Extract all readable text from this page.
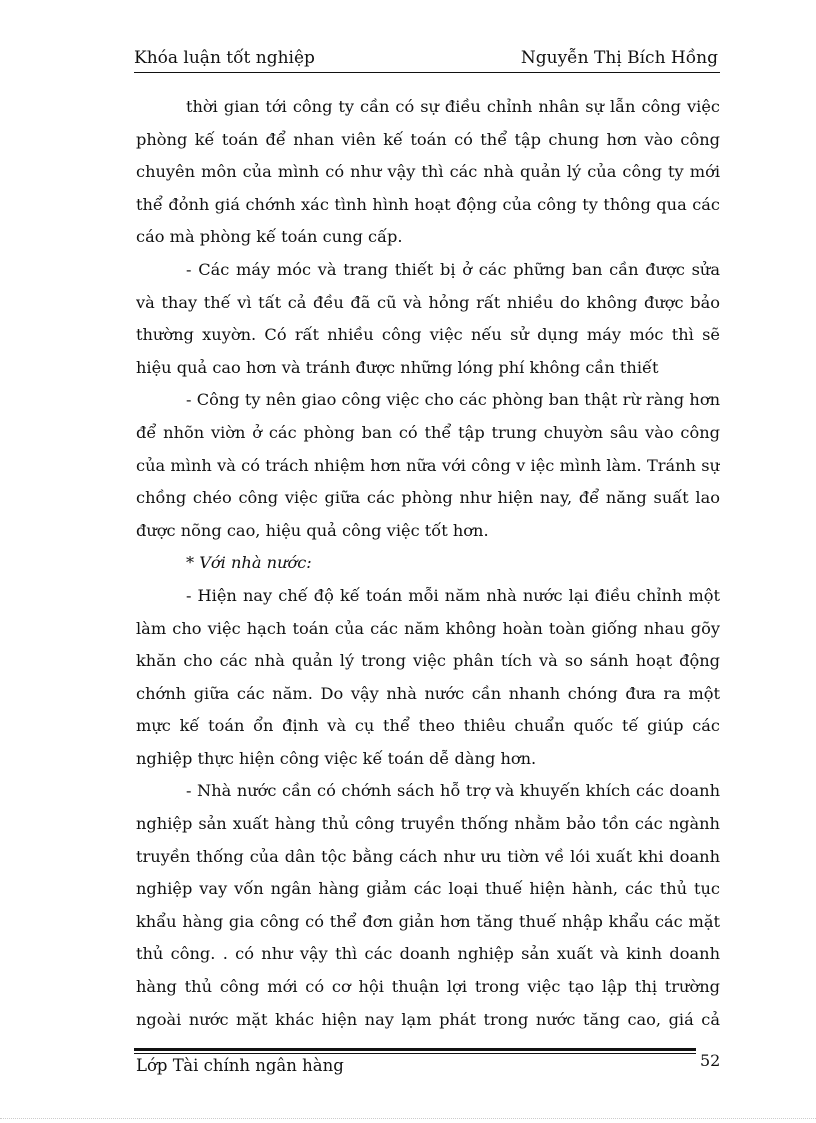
Khóa luận tốt nghiệp	Nguyễn Thị Bích Hồng
thời gian tới công ty cần có sự điều chỉnh nhân sự lẫn công việc
phòng kế toán để nhan viên kế toán có thể tập chung hơn vào công
chuyên môn của mình có như vậy thì các nhà quản lý của công ty mới
thể đỏnh giá chớnh xác tình hình hoạt động của công ty thông qua các
cáo mà phòng kế toán cung cấp.
- Các máy móc và trang thiết bị ở các phững ban cần được sửa
và thay thế vì tất cả đều đã cũ và hỏng rất nhiều do không được bảo
thường xuyờn. Có rất nhiều công việc nếu sử dụng máy móc thì sẽ
hiệu quả cao hơn và tránh được những lóng phí không cần thiết
- Công ty nên giao công việc cho các phòng ban thật rừ ràng hơn
để nhõn viờn ở các phòng ban có thể tập trung chuyờn sâu vào công
của mình và có trách nhiệm hơn nữa với công v iệc mình làm. Tránh sự
chồng chéo công việc giữa các phòng như hiện nay, để năng suất lao
được nõng cao, hiệu quả công việc tốt hơn.
* Với nhà nước:
- Hiện nay chế độ kế toán mỗi năm nhà nước lại điều chỉnh một
làm cho việc hạch toán của các năm không hoàn toàn giống nhau gõy
khăn cho các nhà quản lý trong việc phân tích và so sánh hoạt động
chớnh giữa các năm. Do vậy nhà nước cần nhanh chóng đưa ra một
mực kế toán ổn định và cụ thể theo thiêu chuẩn quốc tế giúp các
nghiệp thực hiện công việc kế toán dễ dàng hơn.
- Nhà nước cần có chớnh sách hỗ trợ và khuyến khích các doanh
nghiệp sản xuất hàng thủ công truyền thống nhằm bảo tồn các ngành
truyền thống của dân tộc bằng cách như ưu tiờn về lói xuất khi doanh
nghiệp vay vốn ngân hàng giảm các loại thuế hiện hành, các thủ tục
khẩu hàng gia công có thể đơn giản hơn tăng thuế nhập khẩu các mặt
thủ công. . có như vậy thì các doanh nghiệp sản xuất và kinh doanh
hàng thủ công mới có cơ hội thuận lợi trong việc tạo lập thị trường
ngoài nước mặt khác hiện nay lạm phát trong nước tăng cao, giá cả
Lớp Tài chính ngân hàng	52
